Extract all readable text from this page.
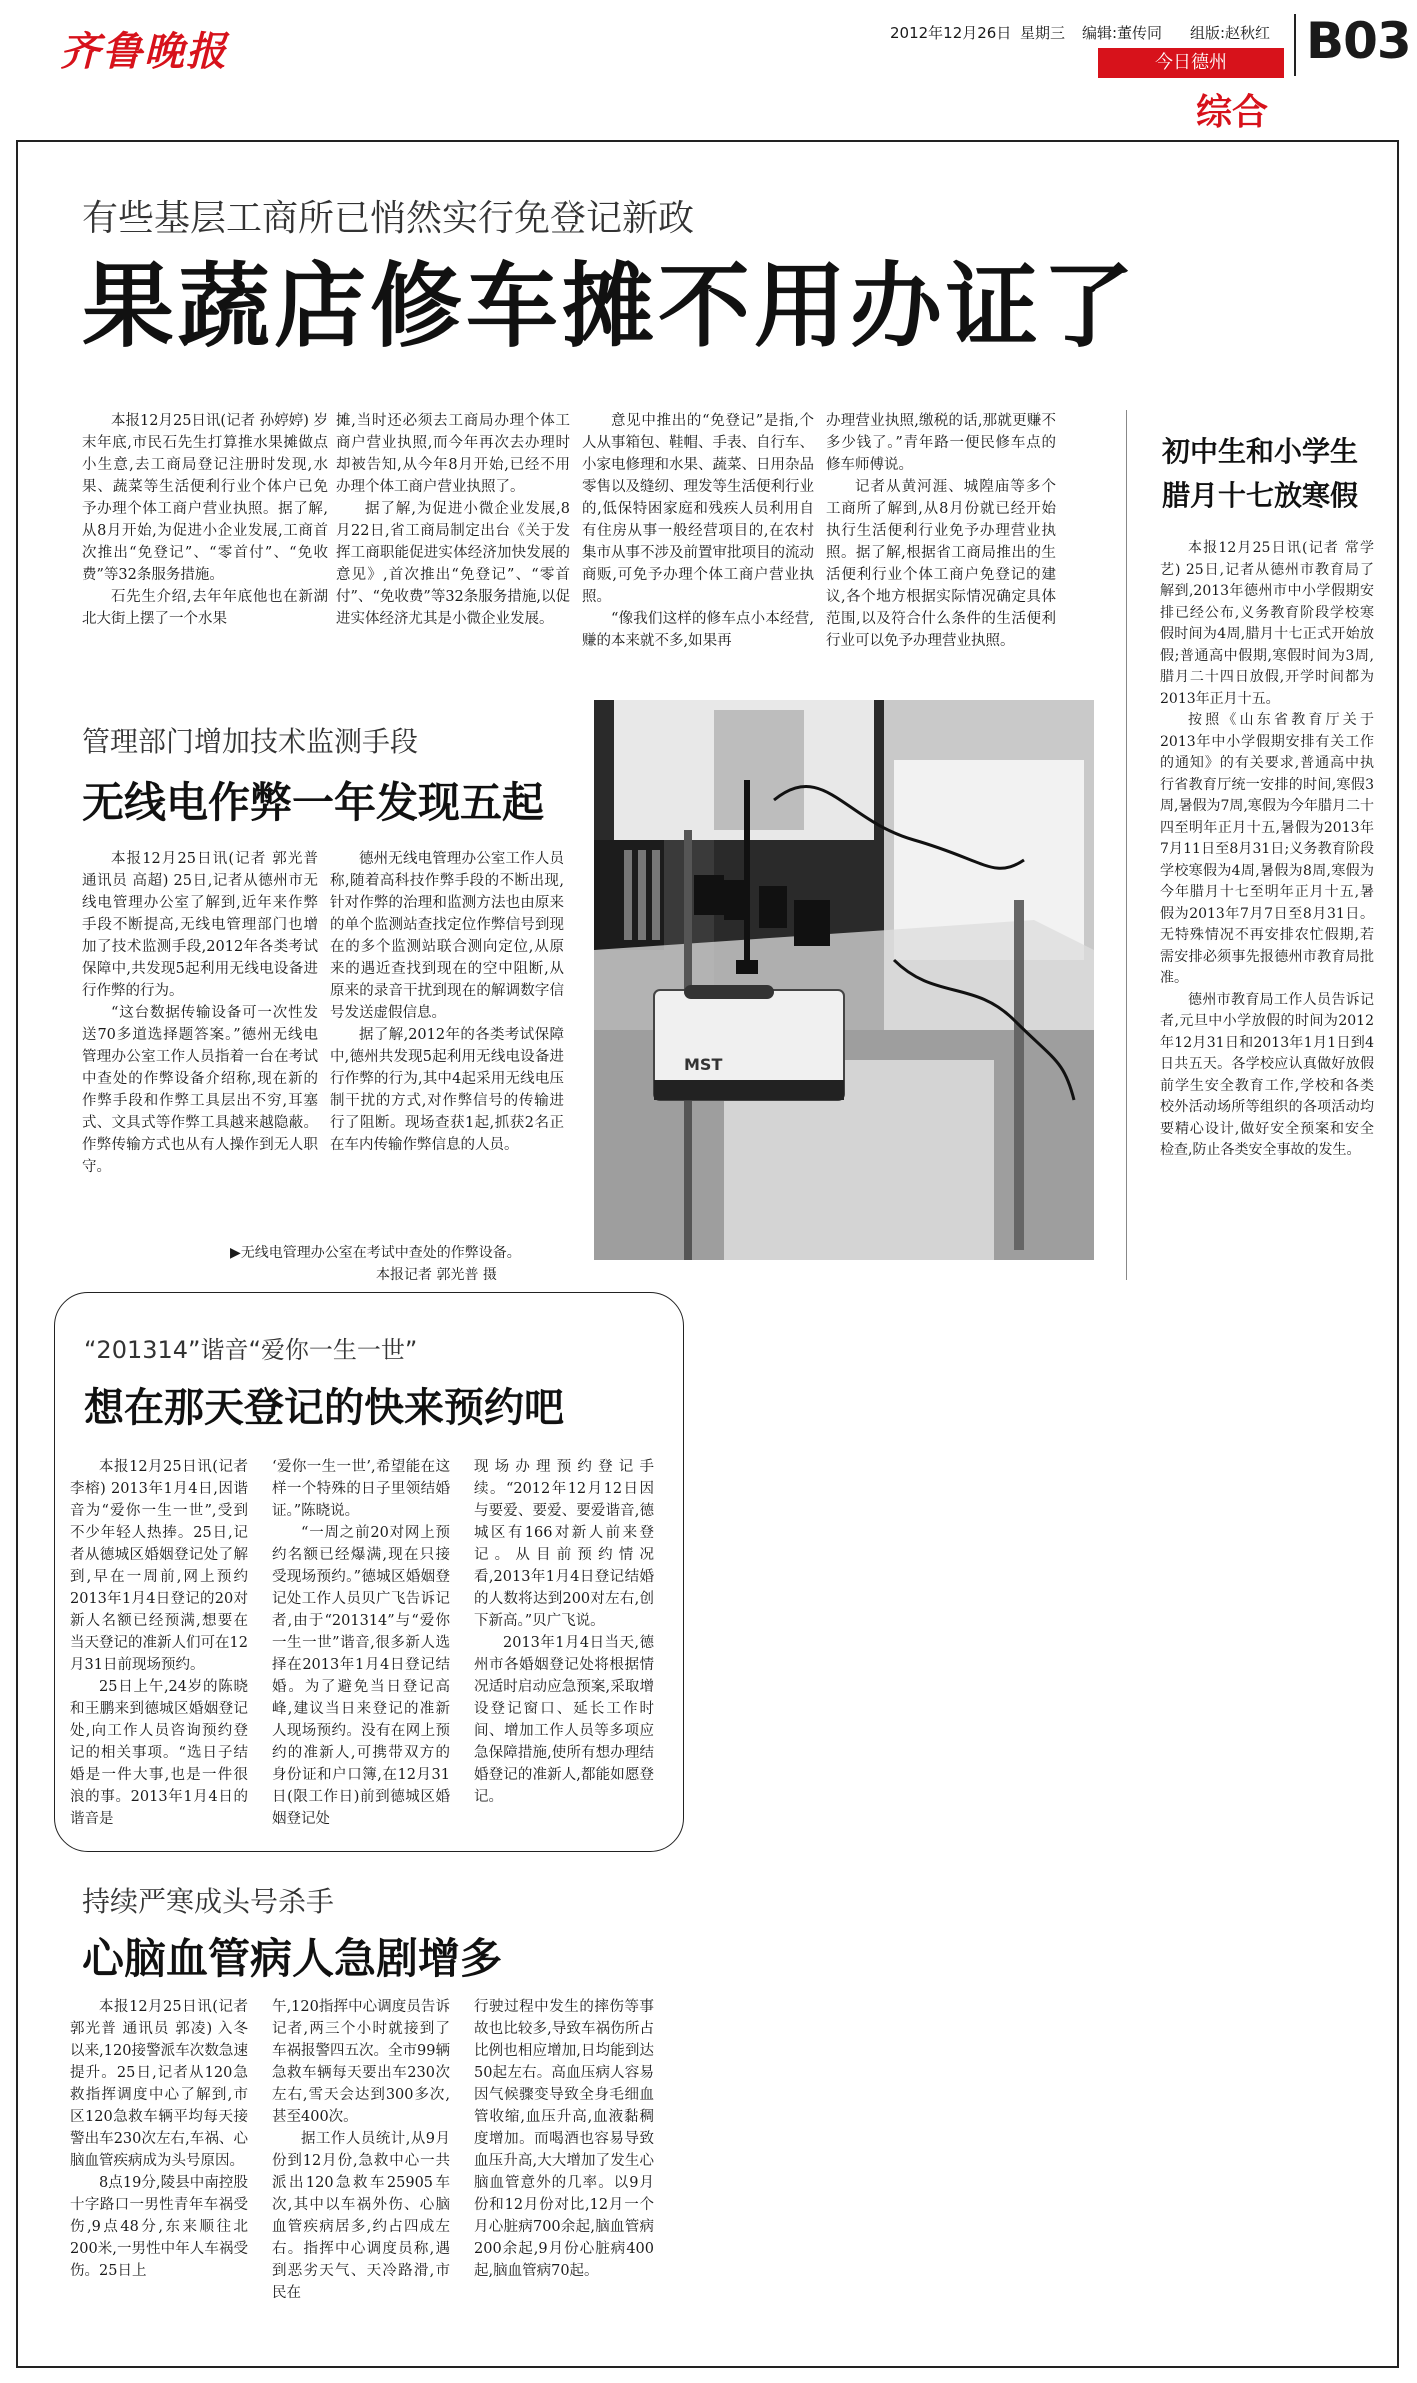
齐鲁晚报	2012年12月26日 星期三 编辑:董传同 组版:赵秋红
今日德州
综合
B03
有些基层工商所已悄然实行免登记新政
果蔬店修车摊不用办证了

本报12月25日讯(记者 孙婷婷) 岁末年底,市民石先生打算推水果摊做点小生意,去工商局登记注册时发现,水果、蔬菜等生活便利行业个体户已免予办理个体工商户营业执照。据了解,从8月开始,为促进小企业发展,工商首次推出“免登记”、“零首付”、“免收费”等32条服务措施。

石先生介绍,去年年底他也在新湖北大街上摆了一个水果

摊,当时还必须去工商局办理个体工商户营业执照,而今年再次去办理时却被告知,从今年8月开始,已经不用办理个体工商户营业执照了。

据了解,为促进小微企业发展,8月22日,省工商局制定出台《关于发挥工商职能促进实体经济加快发展的意见》,首次推出“免登记”、“零首付”、“免收费”等32条服务措施,以促进实体经济尤其是小微企业发展。

意见中推出的“免登记”是指,个人从事箱包、鞋帽、手表、自行车、小家电修理和水果、蔬菜、日用杂品零售以及缝纫、理发等生活便利行业的,低保特困家庭和残疾人员利用自有住房从事一般经营项目的,在农村集市从事不涉及前置审批项目的流动商贩,可免予办理个体工商户营业执照。

“像我们这样的修车点小本经营,赚的本来就不多,如果再

办理营业执照,缴税的话,那就更赚不多少钱了。”青年路一便民修车点的修车师傅说。

记者从黄河涯、城隍庙等多个工商所了解到,从8月份就已经开始执行生活便利行业免予办理营业执照。据了解,根据省工商局推出的生活便利行业个体工商户免登记的建议,各个地方根据实际情况确定具体范围,以及符合什么条件的生活便利行业可以免予办理营业执照。

初中生和小学生
腊月十七放寒假

本报12月25日讯(记者 常学艺) 25日,记者从德州市教育局了解到,2013年德州市中小学假期安排已经公布,义务教育阶段学校寒假时间为4周,腊月十七正式开始放假;普通高中假期,寒假时间为3周,腊月二十四日放假,开学时间都为2013年正月十五。

按照《山东省教育厅关于2013年中小学假期安排有关工作的通知》的有关要求,普通高中执行省教育厅统一安排的时间,寒假3周,暑假为7周,寒假为今年腊月二十四至明年正月十五,暑假为2013年7月11日至8月31日;义务教育阶段学校寒假为4周,暑假为8周,寒假为今年腊月十七至明年正月十五,暑假为2013年7月7日至8月31日。无特殊情况不再安排农忙假期,若需安排必须事先报德州市教育局批准。

德州市教育局工作人员告诉记者,元旦中小学放假的时间为2012年12月31日和2013年1月1日到4日共五天。各学校应认真做好放假前学生安全教育工作,学校和各类校外活动场所等组织的各项活动均要精心设计,做好安全预案和安全检查,防止各类安全事故的发生。

管理部门增加技术监测手段
无线电作弊一年发现五起

本报12月25日讯(记者 郭光普 通讯员 高超) 25日,记者从德州市无线电管理办公室了解到,近年来作弊手段不断提高,无线电管理部门也增加了技术监测手段,2012年各类考试保障中,共发现5起利用无线电设备进行作弊的行为。

“这台数据传输设备可一次性发送70多道选择题答案。”德州无线电管理办公室工作人员指着一台在考试中查处的作弊设备介绍称,现在新的作弊手段和作弊工具层出不穷,耳塞式、文具式等作弊工具越来越隐蔽。作弊传输方式也从有人操作到无人职守。

德州无线电管理办公室工作人员称,随着高科技作弊手段的不断出现,针对作弊的治理和监测方法也由原来的单个监测站查找定位作弊信号到现在的多个监测站联合测向定位,从原来的遇近查找到现在的空中阻断,从原来的录音干扰到现在的解调数字信号发送虚假信息。

据了解,2012年的各类考试保障中,德州共发现5起利用无线电设备进行作弊的行为,其中4起采用无线电压制干扰的方式,对作弊信号的传输进行了阻断。现场查获1起,抓获2名正在车内传输作弊信息的人员。

MST
▶无线电管理办公室在考试中查处的作弊设备。
本报记者 郭光普 摄
“201314”谐音“爱你一生一世”
想在那天登记的快来预约吧

本报12月25日讯(记者 李榕) 2013年1月4日,因谐音为“爱你一生一世”,受到不少年轻人热捧。25日,记者从德城区婚姻登记处了解到,早在一周前,网上预约2013年1月4日登记的20对新人名额已经预满,想要在当天登记的准新人们可在12月31日前现场预约。

25日上午,24岁的陈晓和王鹏来到德城区婚姻登记处,向工作人员咨询预约登记的相关事项。“选日子结婚是一件大事,也是一件很浪的事。2013年1月4日的谐音是

‘爱你一生一世’,希望能在这样一个特殊的日子里领结婚证。”陈晓说。

“一周之前20对网上预约名额已经爆满,现在只接受现场预约。”德城区婚姻登记处工作人员贝广飞告诉记者,由于“201314”与“爱你一生一世”谐音,很多新人选择在2013年1月4日登记结婚。为了避免当日登记高峰,建议当日来登记的准新人现场预约。没有在网上预约的准新人,可携带双方的身份证和户口簿,在12月31日(限工作日)前到德城区婚姻登记处

现场办理预约登记手续。“2012年12月12日因与要爱、要爱、要爱谐音,德城区有166对新人前来登记。从目前预约情况看,2013年1月4日登记结婚的人数将达到200对左右,创下新高。”贝广飞说。

2013年1月4日当天,德州市各婚姻登记处将根据情况适时启动应急预案,采取增设登记窗口、延长工作时间、增加工作人员等多项应急保障措施,使所有想办理结婚登记的准新人,都能如愿登记。

持续严寒成头号杀手
心脑血管病人急剧增多

本报12月25日讯(记者 郭光普 通讯员 郭凌) 入冬以来,120接警派车次数急速提升。25日,记者从120急救指挥调度中心了解到,市区120急救车辆平均每天接警出车230次左右,车祸、心脑血管疾病成为头号原因。

8点19分,陵县中南控股十字路口一男性青年车祸受伤,9点48分,东来顺往北200米,一男性中年人车祸受伤。25日上

午,120指挥中心调度员告诉记者,两三个小时就接到了车祸报警四五次。全市99辆急救车辆每天要出车230次左右,雪天会达到300多次,甚至400次。

据工作人员统计,从9月份到12月份,急救中心一共派出120急救车25905车次,其中以车祸外伤、心脑血管疾病居多,约占四成左右。指挥中心调度员称,遇到恶劣天气、天冷路滑,市民在

行驶过程中发生的摔伤等事故也比较多,导致车祸伤所占比例也相应增加,日均能到达50起左右。高血压病人容易因气候骤变导致全身毛细血管收缩,血压升高,血液黏稠度增加。而喝酒也容易导致血压升高,大大增加了发生心脑血管意外的几率。以9月份和12月份对比,12月一个月心脏病700余起,脑血管病200余起,9月份心脏病400起,脑血管病70起。
